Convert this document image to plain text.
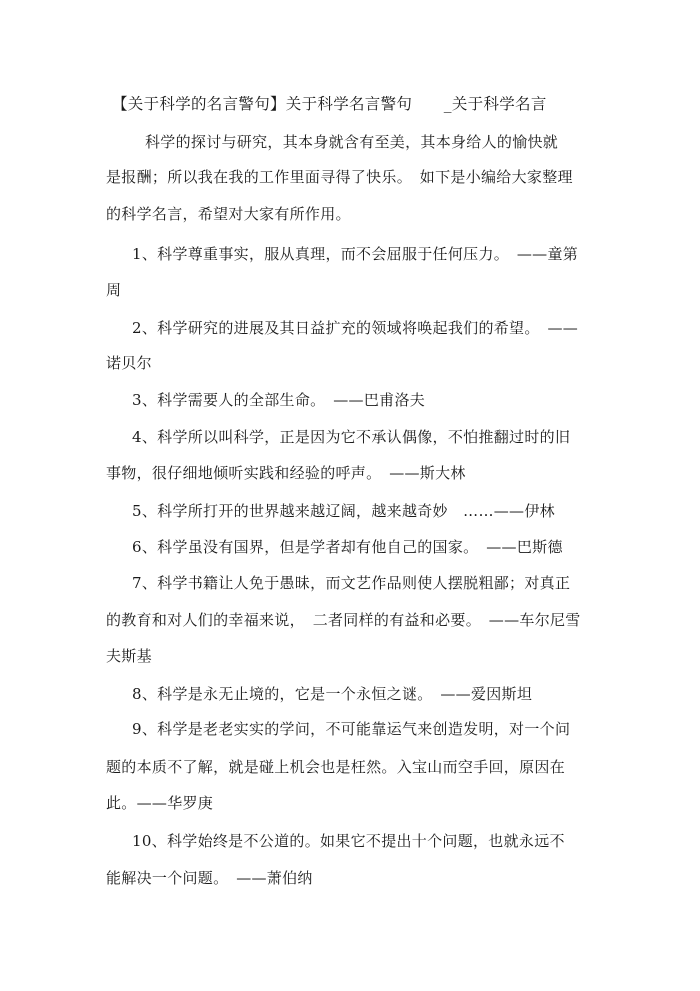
【关于科学的名言警句】关于科学名言警句　　_关于科学名言
科学的探讨与研究，其本身就含有至美，其本身给人的愉快就
是报酬；所以我在我的工作里面寻得了快乐。　如下是小编给大家整理
的科学名言，希望对大家有所作用。
1、科学尊重事实，服从真理，而不会屈服于任何压力。　——童第
周
2、科学研究的进展及其日益扩充的领域将唤起我们的希望。　——
诺贝尔
3、科学需要人的全部生命。　——巴甫洛夫
4、科学所以叫科学，正是因为它不承认偶像，不怕推翻过时的旧
事物，很仔细地倾听实践和经验的呼声。　——斯大林
5、科学所打开的世界越来越辽阔，越来越奇妙　……——伊林
6、科学虽没有国界，但是学者却有他自己的国家。　——巴斯德
7、科学书籍让人免于愚昧，而文艺作品则使人摆脱粗鄙；对真正
的教育和对人们的幸福来说，　二者同样的有益和必要。　——车尔尼雪
夫斯基
8、科学是永无止境的，它是一个永恒之谜。　——爱因斯坦
9、科学是老老实实的学问，不可能靠运气来创造发明，对一个问
题的本质不了解，就是碰上机会也是枉然。入宝山而空手回，原因在
此。——华罗庚
10、科学始终是不公道的。如果它不提出十个问题，也就永远不
能解决一个问题。　——萧伯纳
